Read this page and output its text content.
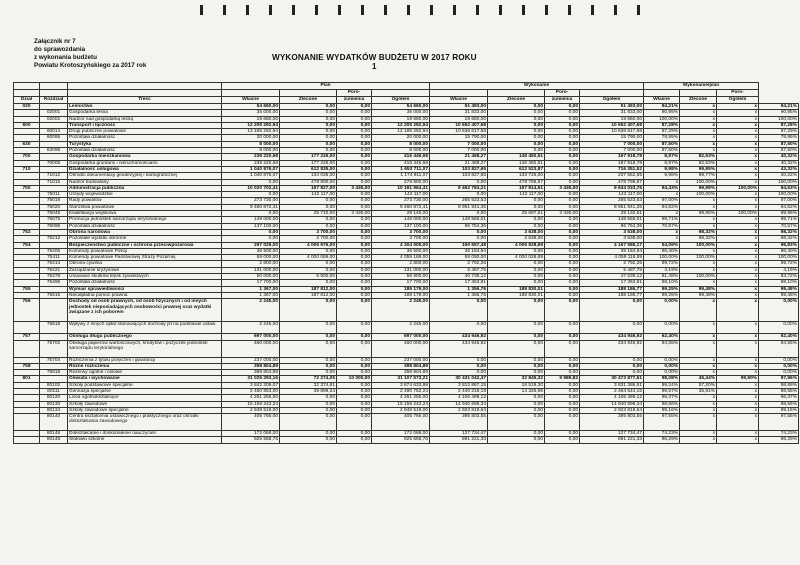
Załącznik nr 7
do sprawozdania
z wykonania budżetu
Powiatu Krotoszyńskiego za 2017 rok
WYKONANIE WYDATKÓW BUDŻETU W 2017 ROKU
1
			Plan				Wykonanie				Wykonanie/plan			
					Poro-				Poro-				Poro-	
Dział	Rozdział	Treść	Własne	Zlecone	zumienia	Ogółem	Własne	Zlecone	zumienia	Ogółem	Własne	Zlecone	Ogółem	
020		Leśnictwo	54 660,00	0,00	0,00	54 660,00	51 493,00	0,00	0,00	51 493,00	94,21%	x	x	94,21%
	02001	Gospodarka leśna	35 000,00	0,00	0,00	35 000,00	31 833,00	0,00	0,00	31 833,00	90,95%	x	x	90,95%
	02002	Nadzór nad gospodarką leśną	19 660,00	0,00	0,00	19 660,00	19 660,00	0,00	0,00	19 660,00	100,00%	x	x	100,00%
600		Transport i łączność	12 205 292,94	0,00	0,00	12 205 292,94	10 652 407,68	0,00	0,00	10 652 407,68	87,28%	x	x	87,28%
	60014	Drogi publiczne powiatowe	12 185 292,94	0,00	0,00	12 185 292,94	10 636 617,68	0,00	0,00	10 636 617,68	87,29%	x	x	87,29%
	60095	Pozostała działalność	20 000,00	0,00	0,00	20 000,00	15 790,00	0,00	0,00	15 790,00	78,95%	x	x	78,95%
630		Turystyka	8 000,00	0,00	0,00	8 000,00	7 000,00	0,00	0,00	7 000,00	87,50%	x	x	87,50%
	63095	Pozostała działalność	8 000,00	0,00	0,00	8 000,00	7 000,00	0,00	0,00	7 000,00	87,50%	x	x	87,50%
700		Gospodarka mieszkaniowa	239 220,68	177 226,00	0,00	416 446,68	21 468,27	146 450,51	0,00	167 918,78	8,97%	82,63%	x	40,32%
	70005	Gospodarka gruntami i nieruchomościami	239 220,68	177 226,00	0,00	416 446,68	21 468,27	146 450,51	0,00	167 918,78	8,97%	82,63%	x	40,32%
710		Działalność usługowa	1 040 876,07	612 835,00	0,00	1 653 711,07	103 827,65	612 523,87	0,00	716 351,52	9,98%	99,95%	x	43,32%
	71012	Ośrodki dokumentacji geodezyjnej i kartograficznej	1 040 876,07	134 035,00	0,00	1 174 911,07	103 827,65	133 725,00	0,00	237 552,65	9,98%	99,77%	x	20,22%
	71015	Nadzór budowlany	0,00	478 800,00	0,00	478 800,00	0,00	478 798,87	0,00	478 798,87	x	100,00%	x	100,00%
750		Administracja publiczna	10 020 702,41	167 827,00	3 435,00	10 191 964,41	9 462 784,21	167 814,51	3 435,00	9 634 033,76	94,43%	99,99%	100,00%	94,53%
	75011	Urzędy wojewódzkie	0,00	142 117,00	0,00	142 117,00	0,00	142 117,00	0,00	142 117,00	x	100,00%	x	100,00%
	75019	Rady powiatów	273 730,00	0,00	0,00	273 730,00	265 523,53	0,00	0,00	265 523,53	97,00%	x	x	97,00%
	75020	Starostwa powiatowe	9 460 872,41	0,00	0,00	9 460 872,41	8 951 941,35	0,00	0,00	8 951 941,35	94,62%	x	x	94,62%
	75045	Kwalifikacja wojskowa	0,00	25 710,00	3 435,00	29 145,00	0,00	25 697,51	3 435,00	29 132,51	x	99,95%	100,00%	99,96%
	75075	Promocja jednostek samorządu terytorialnego	149 000,00	0,00	0,00	149 000,00	148 565,01	0,00	0,00	148 565,01	99,71%	x	x	99,71%
	75095	Pozostała działalność	137 100,00	0,00	0,00	137 100,00	96 754,36	0,00	0,00	96 754,36	70,57%	x	x	70,57%
752		Obrona narodowa	0,00	3 700,00	0,00	3 700,00	0,00	3 638,00	0,00	3 638,00	x	98,32%	x	98,32%
	75212	Pozostałe wydatki obronne	0,00	3 700,00	0,00	3 700,00	0,00	3 638,00	0,00	3 638,00	x	98,32%	x	98,32%
754		Bezpieczeństwo publiczne i ochrona przeciwpożarowa	297 029,00	4 006 976,00	0,00	4 304 005,00	160 657,48	4 006 928,69	0,00	4 167 586,17	54,09%	100,00%	x	96,83%
	75405	Komendy powiatowe Policji	36 500,00	0,00	0,00	36 500,00	35 184,94	0,00	0,00	35 184,94	96,40%	x	x	96,40%
	75411	Komendy powiatowe Państwowej Straży Pożarnej	59 000,00	4 000 069,00	0,00	4 059 169,00	59 090,00	4 000 028,69	0,00	4 059 118,69	100,00%	100,00%	x	100,00%
	75414	Obrona cywilna	2 800,00	0,00	0,00	2 800,00	2 792,26	0,00	0,00	2 792,26	99,72%	x	x	99,72%
	75421	Zarządzanie kryzysowe	131 000,00	0,00	0,00	131 000,00	5 487,75	0,00	0,00	5 487,75	4,19%	x	x	4,19%
	75478	Usuwanie skutków klęsk żywiołowych	50 000,00	6 900,00	0,00	56 900,00	40 739,12	0,00	0,00	47 639,12	81,48%	100,00%	x	83,72%
	75495	Pozostała działalność	17 700,00	0,00	0,00	17 700,00	17 363,81	0,00	0,00	17 363,81	98,10%	x	x	98,10%
755		Wymiar sprawiedliwości	1 367,00	187 812,00	0,00	189 179,00	1 356,76	188 830,01	0,00	188 186,77	99,25%	99,48%	x	99,48%
	75515	Nieodpłatna pomoc prawna	1 367,00	187 812,00	0,00	189 179,00	1 356,76	188 830,01	0,00	188 186,77	99,25%	99,48%	x	99,48%
756		Dochody od osób prawnych, od osób fizycznych i od innych jednostek nieposiadających osobowości prawnej oraz wydatki związane z ich poborem	2 245,00	0,00	0,00	2 245,00	0,00	0,00	0,00	0,00	0,00%	x	x	0,00%
	75618	Wpływy z innych opłat stanowiących dochody jst na podstawie ustaw	2 245,00	0,00	0,00	2 245,00	0,00	0,00	0,00	0,00	0,00%	x	x	0,00%
757		Obsługa długu publicznego	697 000,00	0,00	0,00	697 000,00	434 946,92	0,00	0,00	434 946,92	62,40%	x	x	62,40%
	75702	Obsługa papierów wartościowych, kredytów i pożyczek jednostek samorządu terytorialnego	460 000,00	0,00	0,00	460 000,00	434 946,92	0,00	0,00	434 946,92	94,55%	x	x	94,55%
	75704	Rozliczenia z tytułu poręczeń i gwarancji	237 000,00	0,00	0,00	237 000,00	0,00	0,00	0,00	0,00	0,00%	x	x	0,00%
758		Różne rozliczenia	398 804,89	0,00	0,00	398 804,89	0,00	0,00	0,00	0,00	0,00%	x	x	0,00%
	75818	Rezerwy ogólne i celowe	398 804,89	0,00	0,00	398 804,89	0,00	0,00	0,00	0,00	0,00%	x	x	0,00%
801		Oświata i wychowanie	31 025 293,16	72 274,05	10 000,00	31 107 573,21	30 431 042,47	32 845,32	9 989,82	30 473 877,61	98,08%	45,44%	99,90%	97,96%
	80102	Szkoły podstawowe specjalne	3 842 209,07	32 374,81	0,00	3 874 633,88	3 812 867,15	18 519,30	0,00	3 831 386,51	99,24%	57,20%	x	98,88%
	80111	Gimnazja specjalne	2 450 853,00	39 899,24	0,00	2 490 752,24	2 440 218,19	14 326,96	0,00	2 454 544,15	99,57%	35,91%	x	98,55%
	80120	Licea ogólnokształcące	4 261 255,00	0,00	0,00	4 261 255,00	4 106 499,12	0,00	0,00	4 106 499,12	96,37%	x	x	96,37%
	80130	Szkoły zawodowe	15 159 243,24	0,00	0,00	15 159 243,24	14 940 698,34	0,00	0,00	14 940 698,34	98,56%	x	x	98,56%
	80134	Szkoły zawodowe specjalne	2 948 519,00	0,00	0,00	2 948 519,00	2 923 819,64	0,00	0,00	2 923 819,64	99,16%	x	x	99,16%
	80140	Centra kształcenia ustawicznego i praktycznego oraz ośrodki dokształcania zawodowego	405 765,00	0,00	0,00	405 765,00	395 803,55	0,00	0,00	395 803,55	97,55%	x	x	97,55%
	80146	Dokształcanie i doskonalenie nauczycieli	172 068,00	0,00	0,00	172 068,00	127 734,47	0,00	0,00	127 734,47	74,23%	x	x	74,23%
	80148	Stołówki szkolne	925 558,76	0,00	0,00	925 558,76	891 221,33	0,00	0,00	891 221,33	96,29%	x	x	96,29%
